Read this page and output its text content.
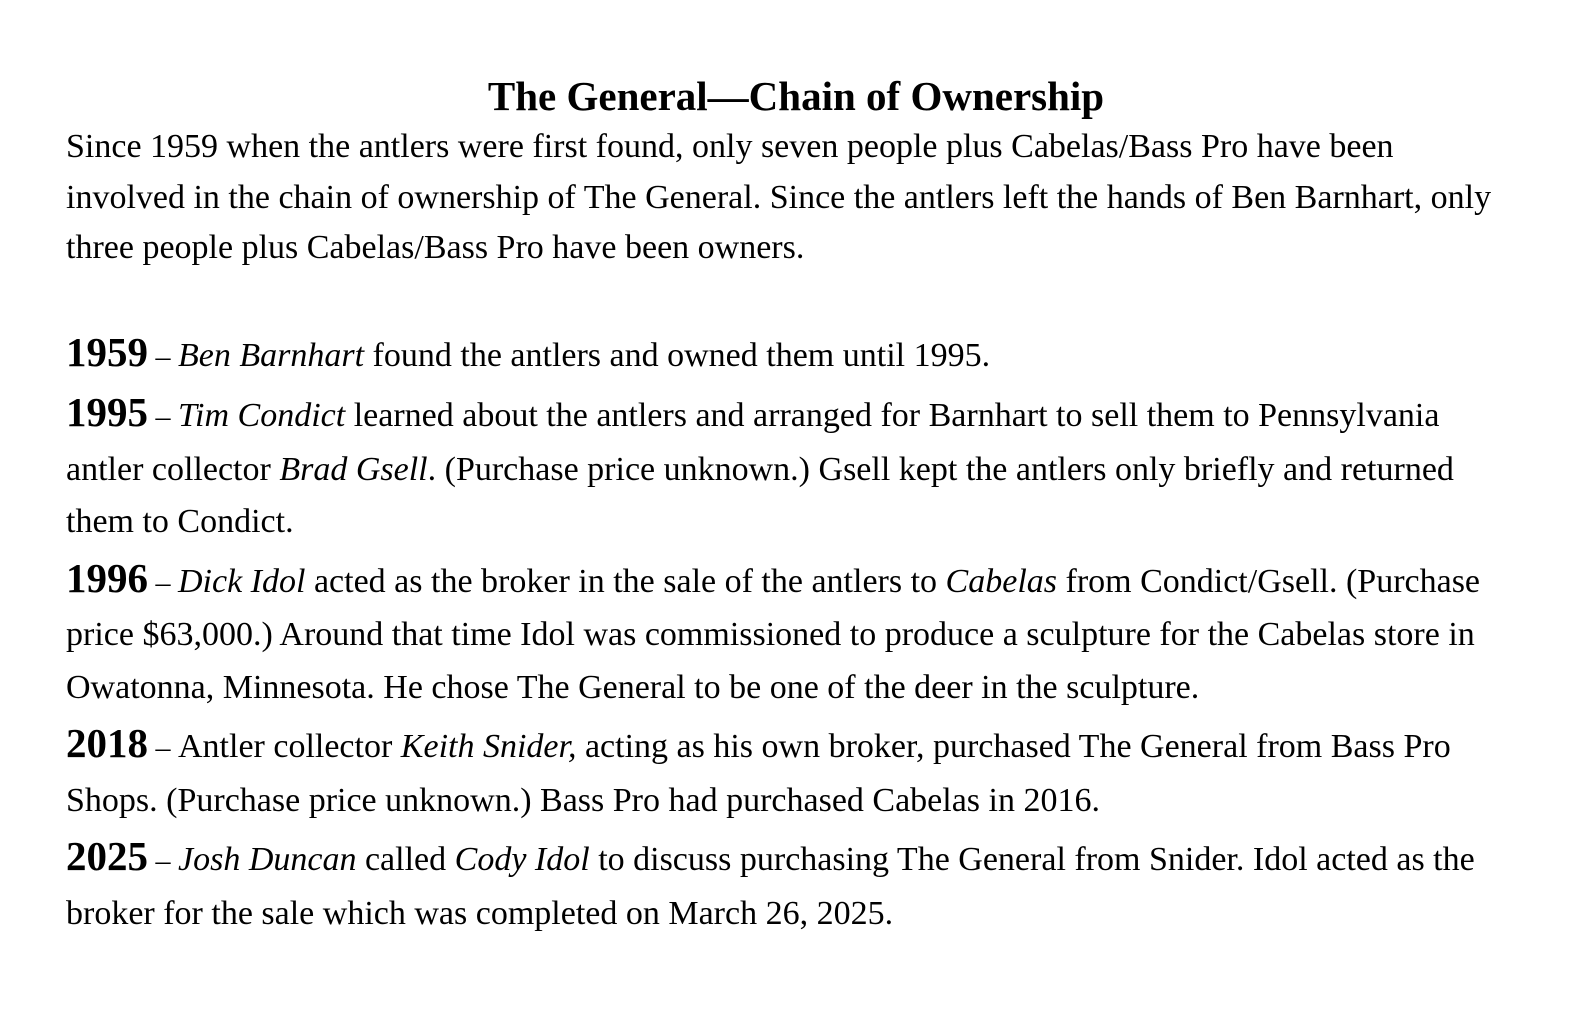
The General—Chain of Ownership

Since 1959 when the antlers were first found, only seven people plus Cabelas/Bass Pro have been involved in the chain of ownership of The General. Since the antlers left the hands of Ben Barnhart, only three people plus Cabelas/Bass Pro have been owners.

1959 – Ben Barnhart found the antlers and owned them until 1995.

1995 – Tim Condict learned about the antlers and arranged for Barnhart to sell them to Pennsylvania antler collector Brad Gsell. (Purchase price unknown.) Gsell kept the antlers only briefly and returned them to Condict.

1996 – Dick Idol acted as the broker in the sale of the antlers to Cabelas from Condict/Gsell. (Purchase price $63,000.) Around that time Idol was commissioned to produce a sculpture for the Cabelas store in Owatonna, Minnesota. He chose The General to be one of the deer in the sculpture.

2018 – Antler collector Keith Snider, acting as his own broker, purchased The General from Bass Pro Shops. (Purchase price unknown.) Bass Pro had purchased Cabelas in 2016.

2025 – Josh Duncan called Cody Idol to discuss purchasing The General from Snider. Idol acted as the broker for the sale which was completed on March 26, 2025.
